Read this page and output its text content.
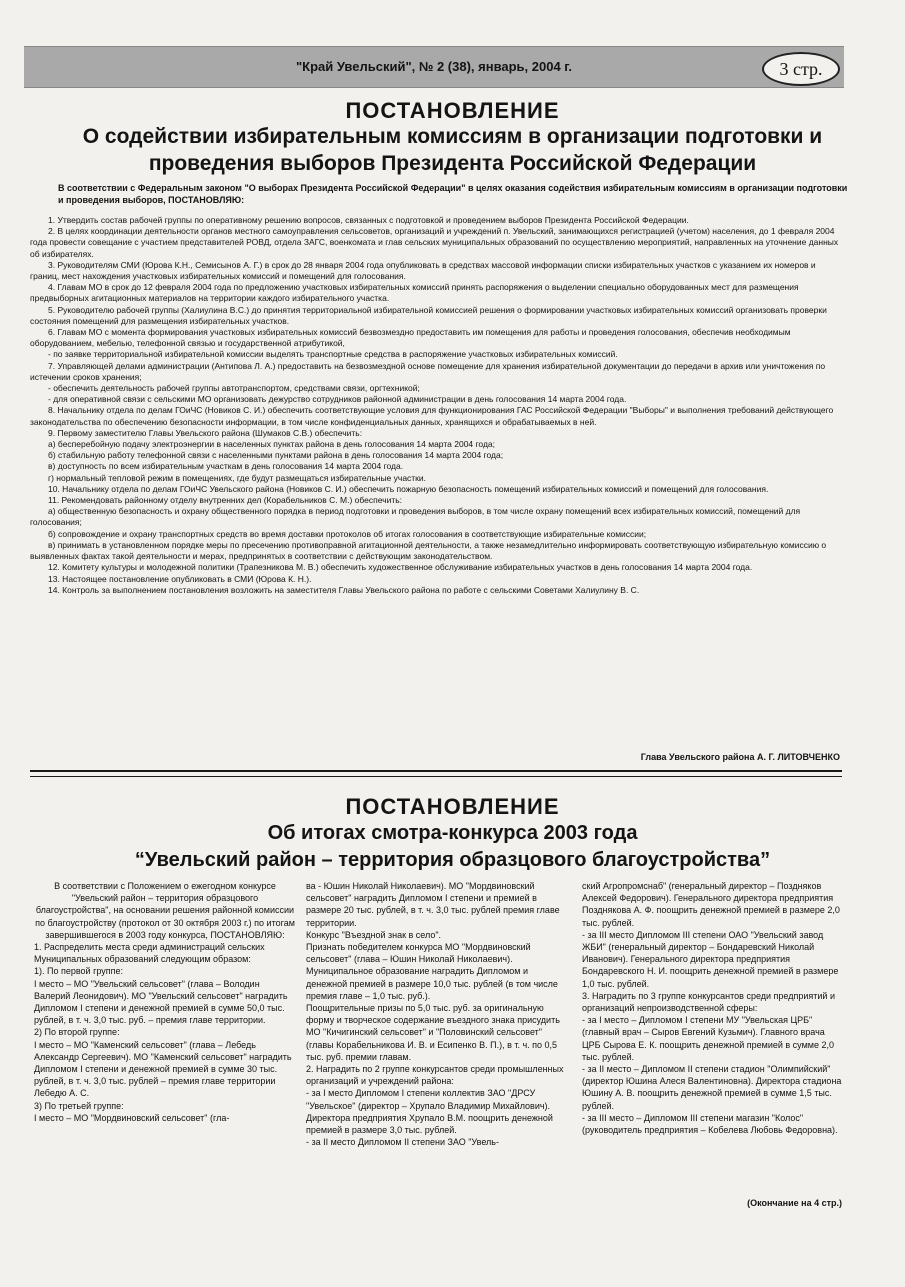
"Край Увельский", № 2 (38), январь, 2004 г.	3 стр.
ПОСТАНОВЛЕНИЕ
О содействии избирательным комиссиям в организации подготовки и
проведения выборов Президента Российской Федерации
В соответствии с Федеральным законом "О выборах Президента Российской Федерации" в целях оказания содействия избирательным комиссиям в организации подготовки и проведения выборов, ПОСТАНОВЛЯЮ:

1. Утвердить состав рабочей группы по оперативному решению вопросов, связанных с подготовкой и проведением выборов Президента Российской Федерации.

2. В целях координации деятельности органов местного самоуправления сельсоветов, организаций и учреждений п. Увельский, занимающихся регистрацией (учетом) населения, до 1 февраля 2004 года провести совещание с участием представителей РОВД, отдела ЗАГС, военкомата и глав сельских муниципальных образований по осуществлению мероприятий, направленных на уточнение данных об избирателях.

3. Руководителям СМИ (Юрова К.Н., Семисынов А. Г.) в срок до 28 января 2004 года опубликовать в средствах массовой информации списки избирательных участков с указанием их номеров и границ, мест нахождения участковых избирательных комиссий и помещений для голосования.

4. Главам МО в срок до 12 февраля 2004 года по предложению участковых избирательных комиссий принять распоряжения о выделении специально оборудованных мест для размещения предвыборных агитационных материалов на территории каждого избирательного участка.

5. Руководителю рабочей группы (Халиулина В.С.) до принятия территориальной избирательной комиссией решения о формировании участковых избирательных комиссий организовать проверки состояния помещений для размещения избирательных участков.

6. Главам МО с момента формирования участковых избирательных комиссий безвозмездно предоставить им помещения для работы и проведения голосования, обеспечив необходимым оборудованием, мебелью, телефонной связью и государственной атрибутикой,

- по заявке территориальной избирательной комиссии выделять транспортные средства в распоряжение участковых избирательных комиссий.

7. Управляющей делами администрации (Антипова Л. А.) предоставить на безвозмездной основе помещение для хранения избирательной документации до передачи в архив или уничтожения по истечении сроков хранения;

- обеспечить деятельность рабочей группы автотранспортом, средствами связи, оргтехникой;

- для оперативной связи с сельскими МО организовать дежурство сотрудников районной администрации в день голосования 14 марта 2004 года.

8. Начальнику отдела по делам ГОиЧС (Новиков С. И.) обеспечить соответствующие условия для функционирования ГАС Российской Федерации "Выборы" и выполнения требований действующего законодательства по обеспечению безопасности информации, в том числе конфиденциальных данных, хранящихся и обрабатываемых в ней.

9. Первому заместителю Главы Увельского района (Шумаков С.В.) обеспечить:

а) бесперебойную подачу электроэнергии в населенных пунктах района в день голосования 14 марта 2004 года;

б) стабильную работу телефонной связи с населенными пунктами района в день голосования 14 марта 2004 года;

в) доступность по всем избирательным участкам в день голосования 14 марта 2004 года.

г) нормальный тепловой режим в помещениях, где будут размещаться избирательные участки.

10. Начальнику отдела по делам ГОиЧС Увельского района (Новиков С. И.) обеспечить пожарную безопасность помещений избирательных комиссий и помещений для голосования.

11. Рекомендовать районному отделу внутренних дел (Корабельников С. М.) обеспечить:

а) общественную безопасность и охрану общественного порядка в период подготовки и проведения выборов, в том числе охрану помещений всех избирательных комиссий, помещений для голосования;

б) сопровождение и охрану транспортных средств во время доставки протоколов об итогах голосования в соответствующие избирательные комиссии;

в) принимать в установленном порядке меры по пресечению противоправной агитационной деятельности, а также незамедлительно информировать соответствующую избирательную комиссию о выявленных фактах такой деятельности и мерах, предпринятых в соответствии с действующим законодательством.

12. Комитету культуры и молодежной политики (Трапезникова М. В.) обеспечить художественное обслуживание избирательных участков в день голосования 14 марта 2004 года.

13. Настоящее постановление опубликовать в СМИ (Юрова К. Н.).

14. Контроль за выполнением постановления возложить на заместителя Главы Увельского района по работе с сельскими Советами Халиулину В. С.

Глава Увельского района А. Г. ЛИТОВЧЕНКО
ПОСТАНОВЛЕНИЕ
Об итогах смотра-конкурса 2003 года
“Увельский район – территория образцового благоустройства”

В соответствии с Положением о ежегодном конкурсе "Увельский район – территория образцового благоустройства", на основании решения районной комиссии по благоустройству (протокол от 30 октября 2003 г.) по итогам завершившегося в 2003 году конкурса, ПОСТАНОВЛЯЮ:

1. Распределить места среди администраций сельских Муниципальных образований следующим образом:

1). По первой группе:

I место – МО "Увельский сельсовет" (глава – Володин Валерий Леонидович). МО "Увельский сельсовет" наградить Дипломом I степени и денежной премией в сумме 50,0 тыс. рублей, в т. ч. 3,0 тыс. руб. – премия главе территории.

2) По второй группе:

I место – МО "Каменский сельсовет" (глава – Лебедь Александр Сергеевич). МО "Каменский сельсовет" наградить Дипломом I степени и денежной премией в сумме 30 тыс. рублей, в т. ч. 3,0 тыс. рублей – премия главе территории Лебедю А. С.

3) По третьей группе:

I место – МО "Мордвиновский сельсовет" (гла-

ва - Юшин Николай Николаевич). МО "Мордвиновский сельсовет" наградить Дипломом I степени и премией в размере 20 тыс. рублей, в т. ч. 3,0 тыс. рублей премия главе территории.

Конкурс "Въездной знак в село".

Признать победителем конкурса МО "Мордвиновский сельсовет" (глава – Юшин Николай Николаевич). Муниципальное образование наградить Дипломом и денежной премией в размере 10,0 тыс. рублей (в том числе премия главе – 1,0 тыс. руб.).

Поощрительные призы по 5,0 тыс. руб. за оригинальную форму и творческое содержание въездного знака присудить МО "Кичигинский сельсовет" и "Половинский сельсовет" (главы Корабельникова И. В. и Есипенко В. П.), в т. ч. по 0,5 тыс. руб. премии главам.

2. Наградить по 2 группе конкурсантов среди промышленных организаций и учреждений района:

- за I место Дипломом I степени коллектив ЗАО "ДРСУ "Увельское" (директор – Хрупало Владимир Михайлович). Директора предприятия Хрупало В.М. поощрить денежной премией в размере 3,0 тыс. рублей.

- за II место Дипломом II степени ЗАО "Увель-

ский Агропромснаб" (генеральный директор – Поздняков Алексей Федорович). Генерального директора предприятия Позднякова А. Ф. поощрить денежной премией в размере 2,0 тыс. рублей.

- за III место Дипломом III степени ОАО "Увельский завод ЖБИ" (генеральный директор – Бондаревский Николай Иванович). Генерального директора предприятия Бондаревского Н. И. поощрить денежной премией в размере 1,0 тыс. рублей.

3. Наградить по 3 группе конкурсантов среди предприятий и организаций непроизводственной сферы:

- за I место – Дипломом I степени МУ "Увельская ЦРБ" (главный врач – Сыров Евгений Кузьмич). Главного врача ЦРБ Сырова Е. К. поощрить денежной премией в сумме 2,0 тыс. рублей.

- за II место – Дипломом II степени стадион "Олимпийский" (директор Юшина Алеся Валентиновна). Директора стадиона Юшину А. В. поощрить денежной премией в сумме 1,5 тыс. рублей.

- за III место – Дипломом III степени магазин "Колос" (руководитель предприятия – Кобелева Любовь Федоровна).

(Окончание на 4 стр.)
